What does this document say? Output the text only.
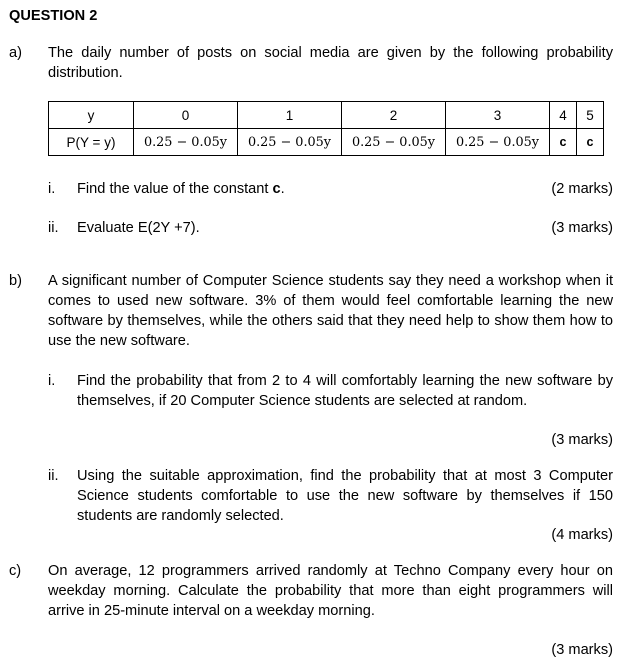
QUESTION 2
a) The daily number of posts on social media are given by the following probability distribution.
y	0	1	2	3	4	5
P(Y = y)	0.25 − 0.05y	0.25 − 0.05y	0.25 − 0.05y	0.25 − 0.05y	c	c
i. Find the value of the constant c.	(2 marks)
ii. Evaluate E(2Y +7).	(3 marks)
b) A significant number of Computer Science students say they need a workshop when it comes to used new software. 3% of them would feel comfortable learning the new software by themselves, while the others said that they need help to show them how to use the new software.
i. Find the probability that from 2 to 4 will comfortably learning the new software by themselves, if 20 Computer Science students are selected at random.
(3 marks)
ii. Using the suitable approximation, find the probability that at most 3 Computer Science students comfortable to use the new software by themselves if 150 students are randomly selected.
(4 marks)
c) On average, 12 programmers arrived randomly at Techno Company every hour on weekday morning. Calculate the probability that more than eight programmers will arrive in 25-minute interval on a weekday morning.
(3 marks)
